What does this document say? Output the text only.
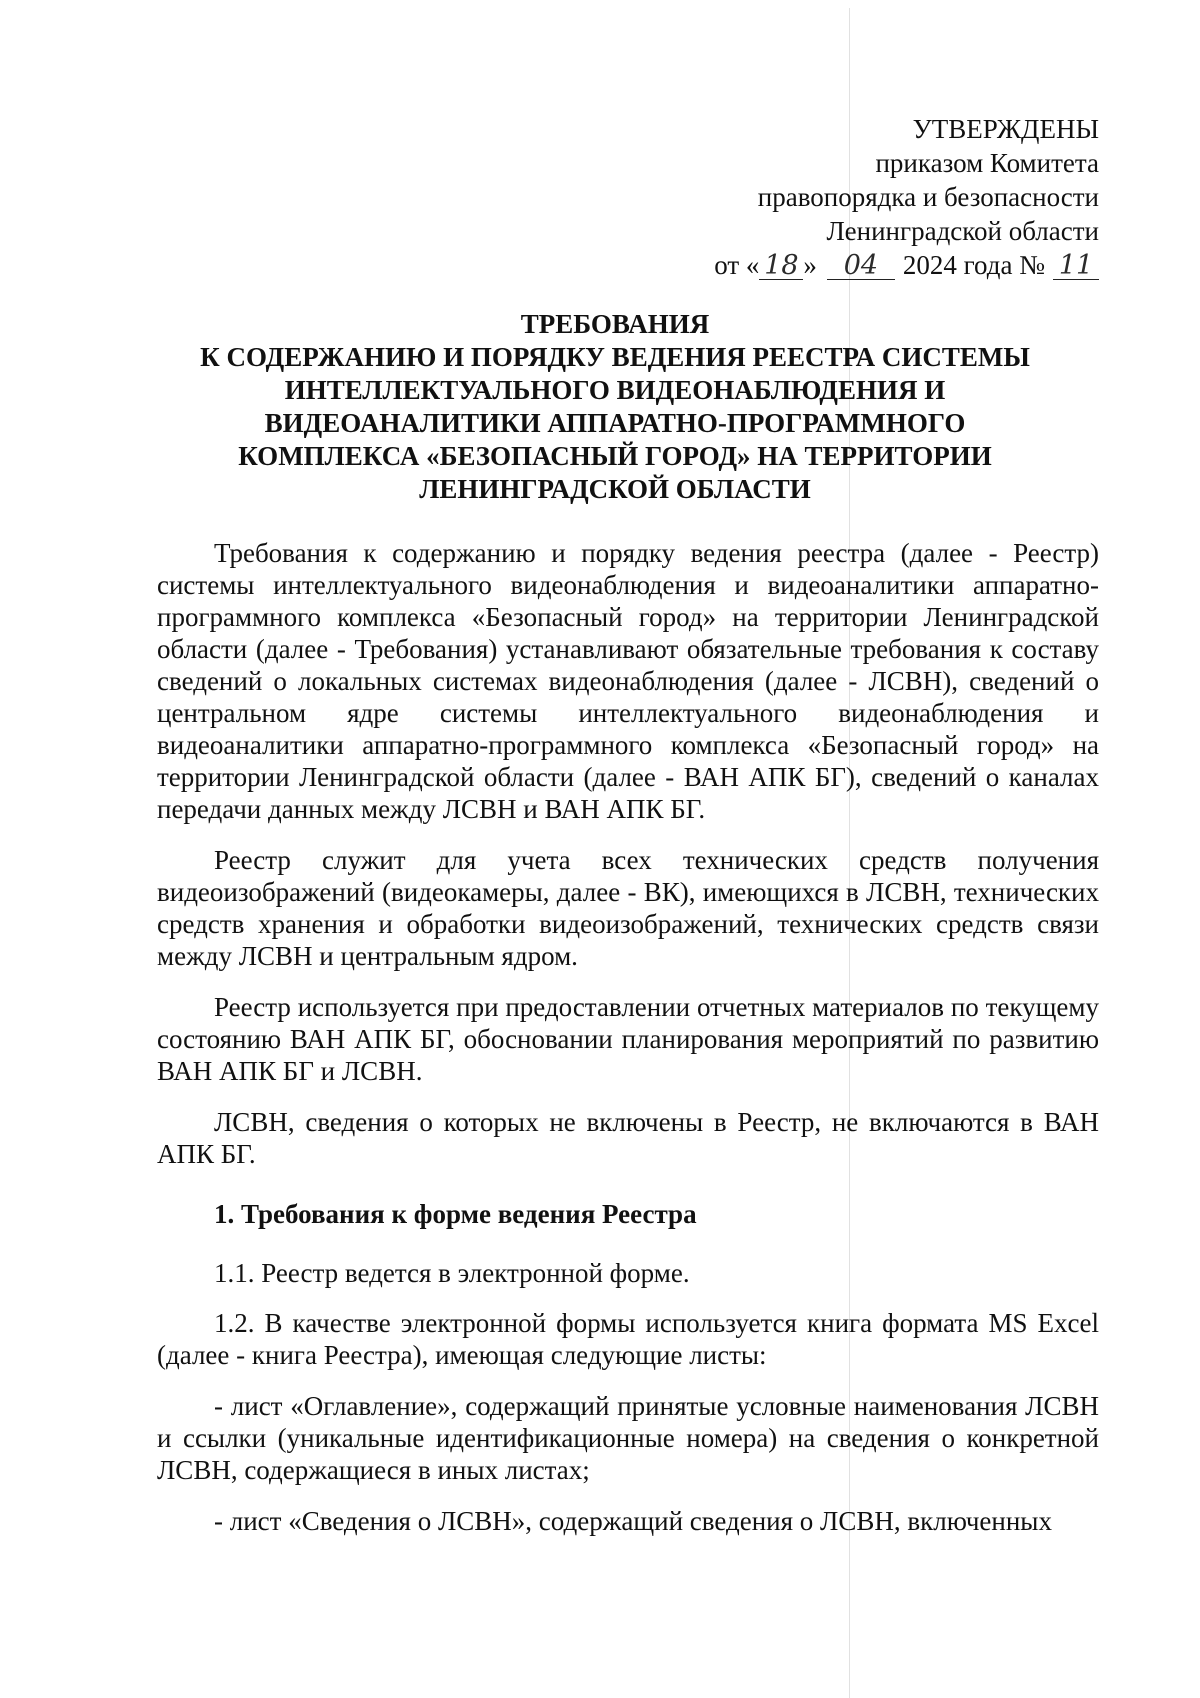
УТВЕРЖДЕНЫ
приказом Комитета
правопорядка и безопасности
Ленинградской области
от « 18 » 04 2024 года № 11
ТРЕБОВАНИЯ
К СОДЕРЖАНИЮ И ПОРЯДКУ ВЕДЕНИЯ РЕЕСТРА СИСТЕМЫ
ИНТЕЛЛЕКТУАЛЬНОГО ВИДЕОНАБЛЮДЕНИЯ И
ВИДЕОАНАЛИТИКИ АППАРАТНО-ПРОГРАММНОГО
КОМПЛЕКСА «БЕЗОПАСНЫЙ ГОРОД» НА ТЕРРИТОРИИ
ЛЕНИНГРАДСКОЙ ОБЛАСТИ

Требования к содержанию и порядку ведения реестра (далее - Реестр) системы интеллектуального видеонаблюдения и видеоаналитики аппаратно-программного комплекса «Безопасный город» на территории Ленинградской области (далее - Требования) устанавливают обязательные требования к составу сведений о локальных системах видеонаблюдения (далее - ЛСВН), сведений о центральном ядре системы интеллектуального видеонаблюдения и видеоаналитики аппаратно-программного комплекса «Безопасный город» на территории Ленинградской области (далее - ВАН АПК БГ), сведений о каналах передачи данных между ЛСВН и ВАН АПК БГ.

Реестр служит для учета всех технических средств получения видеоизображений (видеокамеры, далее - ВК), имеющихся в ЛСВН, технических средств хранения и обработки видеоизображений, технических средств связи между ЛСВН и центральным ядром.

Реестр используется при предоставлении отчетных материалов по текущему состоянию ВАН АПК БГ, обосновании планирования мероприятий по развитию ВАН АПК БГ и ЛСВН.

ЛСВН, сведения о которых не включены в Реестр, не включаются в ВАН АПК БГ.

1. Требования к форме ведения Реестра

1.1. Реестр ведется в электронной форме.

1.2. В качестве электронной формы используется книга формата MS Excel (далее - книга Реестра), имеющая следующие листы:

- лист «Оглавление», содержащий принятые условные наименования ЛСВН и ссылки (уникальные идентификационные номера) на сведения о конкретной ЛСВН, содержащиеся в иных листах;

- лист «Сведения о ЛСВН», содержащий сведения о ЛСВН, включенных
